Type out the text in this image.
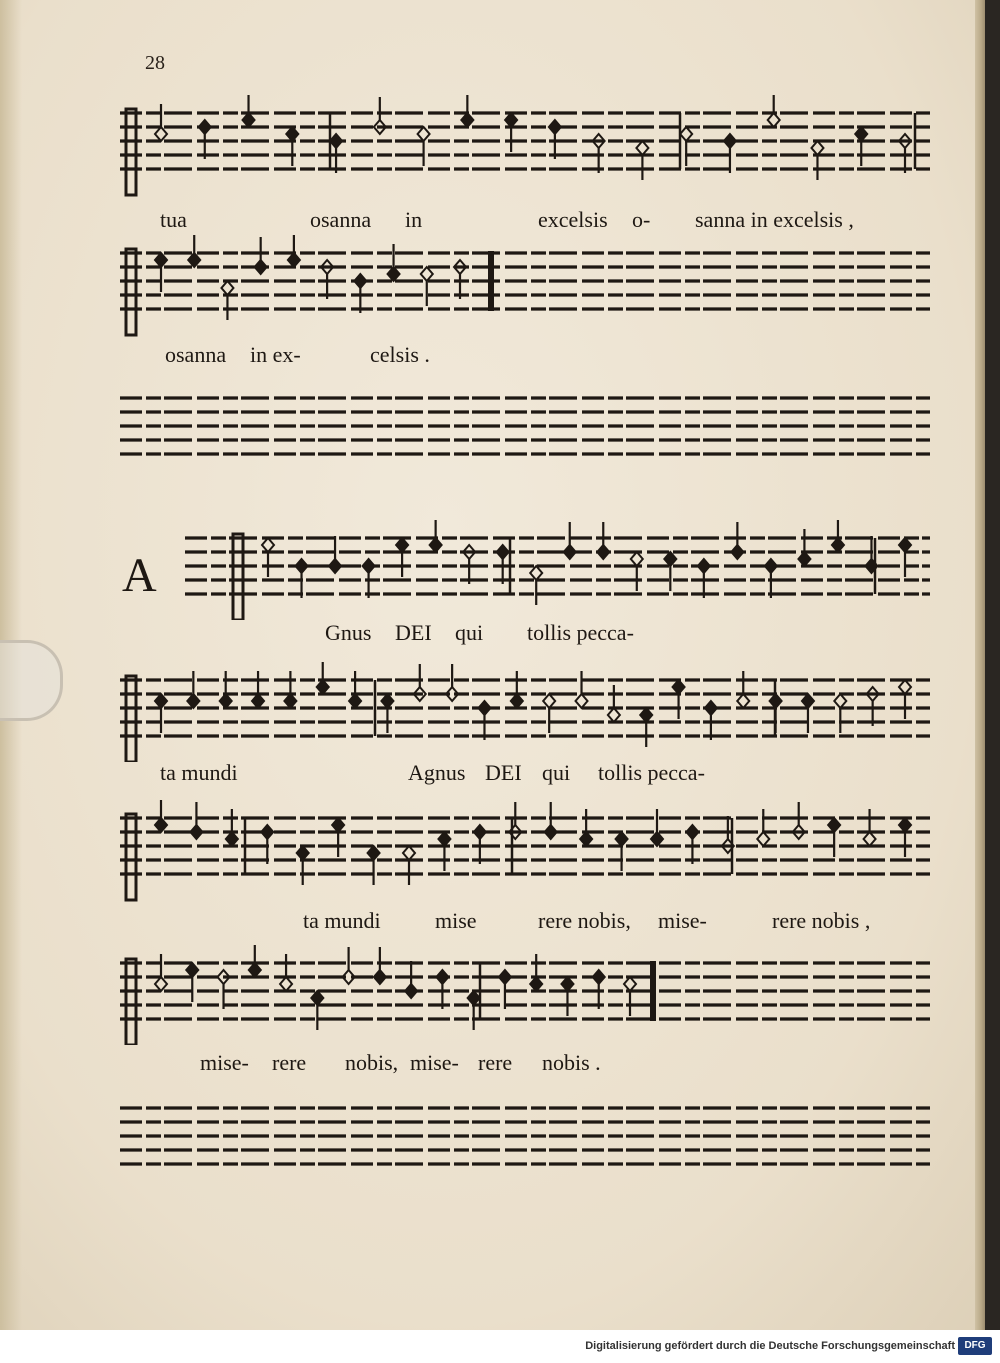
28
tua	osanna in	excelsis o- sanna in excelsis ,
osanna in ex-	celsis .
A
Gnus DEI qui tollis pecca-
ta mundi	Agnus DEI qui tollis pecca-
ta mundi mise	rere nobis, mise-	rere nobis ,
mise- rere nobis, mise- rere nobis .
Digitalisierung gefördert durch die Deutsche Forschungsgemeinschaft DFG
